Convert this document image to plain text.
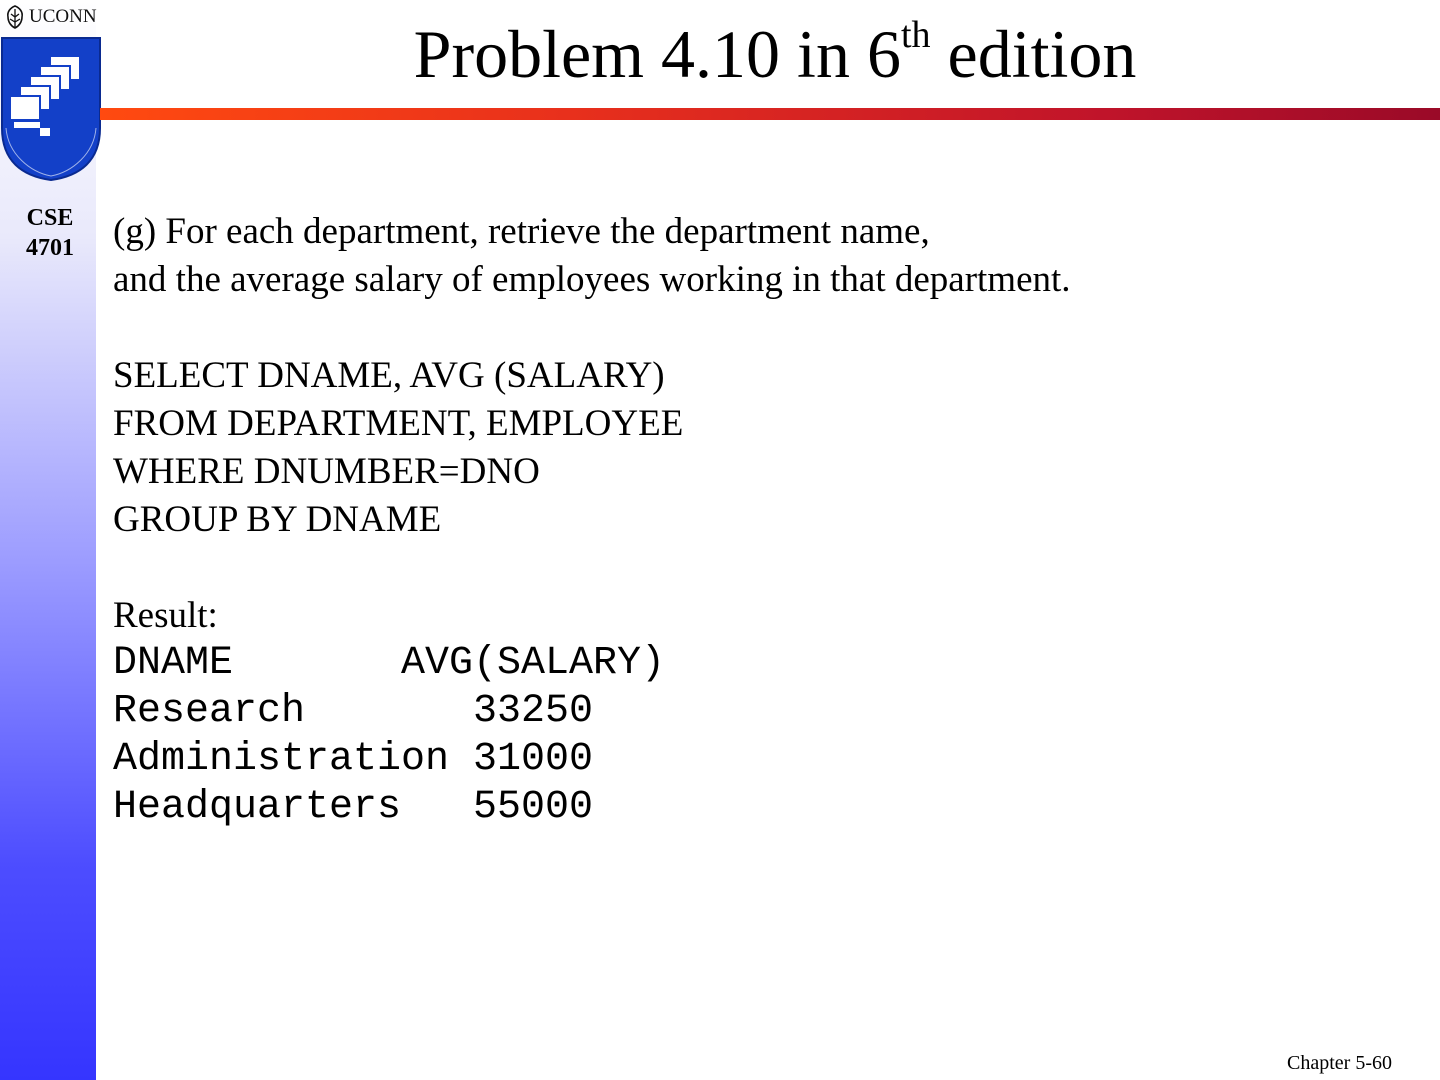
UCONN
CSE
4701
Problem 4.10 in 6th edition
(g) For each department, retrieve the department name,
and the average salary of employees working in that department.
SELECT DNAME, AVG (SALARY)
FROM DEPARTMENT, EMPLOYEE
WHERE DNUMBER=DNO
GROUP BY DNAME
Result:
DNAME	AVG(SALARY)
Research	33250
Administration 31000
Headquarters	55000
Chapter 5-60
